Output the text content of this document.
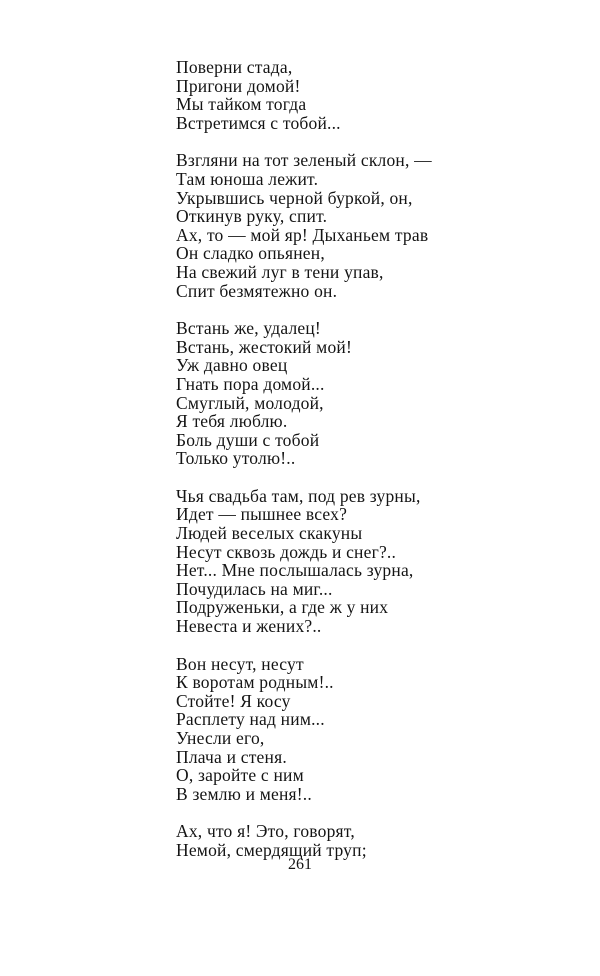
Поверни стада,
Пригони домой!
Мы тайком тогда
Встретимся с тобой...
Взгляни на тот зеленый склон, —
Там юноша лежит.
Укрывшись черной буркой, он,
Откинув руку, спит.
Ах, то — мой яр! Дыханьем трав
Он сладко опьянен,
На свежий луг в тени упав,
Спит безмятежно он.
Встань же, удалец!
Встань, жестокий мой!
Уж давно овец
Гнать пора домой...
Смуглый, молодой,
Я тебя люблю.
Боль души с тобой
Только утолю!..
Чья свадьба там, под рев зурны,
Идет — пышнее всех?
Людей веселых скакуны
Несут сквозь дождь и снег?..
Нет... Мне послышалась зурна,
Почудилась на миг...
Подруженьки, а где ж у них
Невеста и жених?..
Вон несут, несут
К воротам родным!..
Стойте! Я косу
Расплету над ним...
Унесли его,
Плача и стеня.
О, заройте с ним
В землю и меня!..
Ах, что я! Это, говорят,
Немой, смердящий труп;
261
